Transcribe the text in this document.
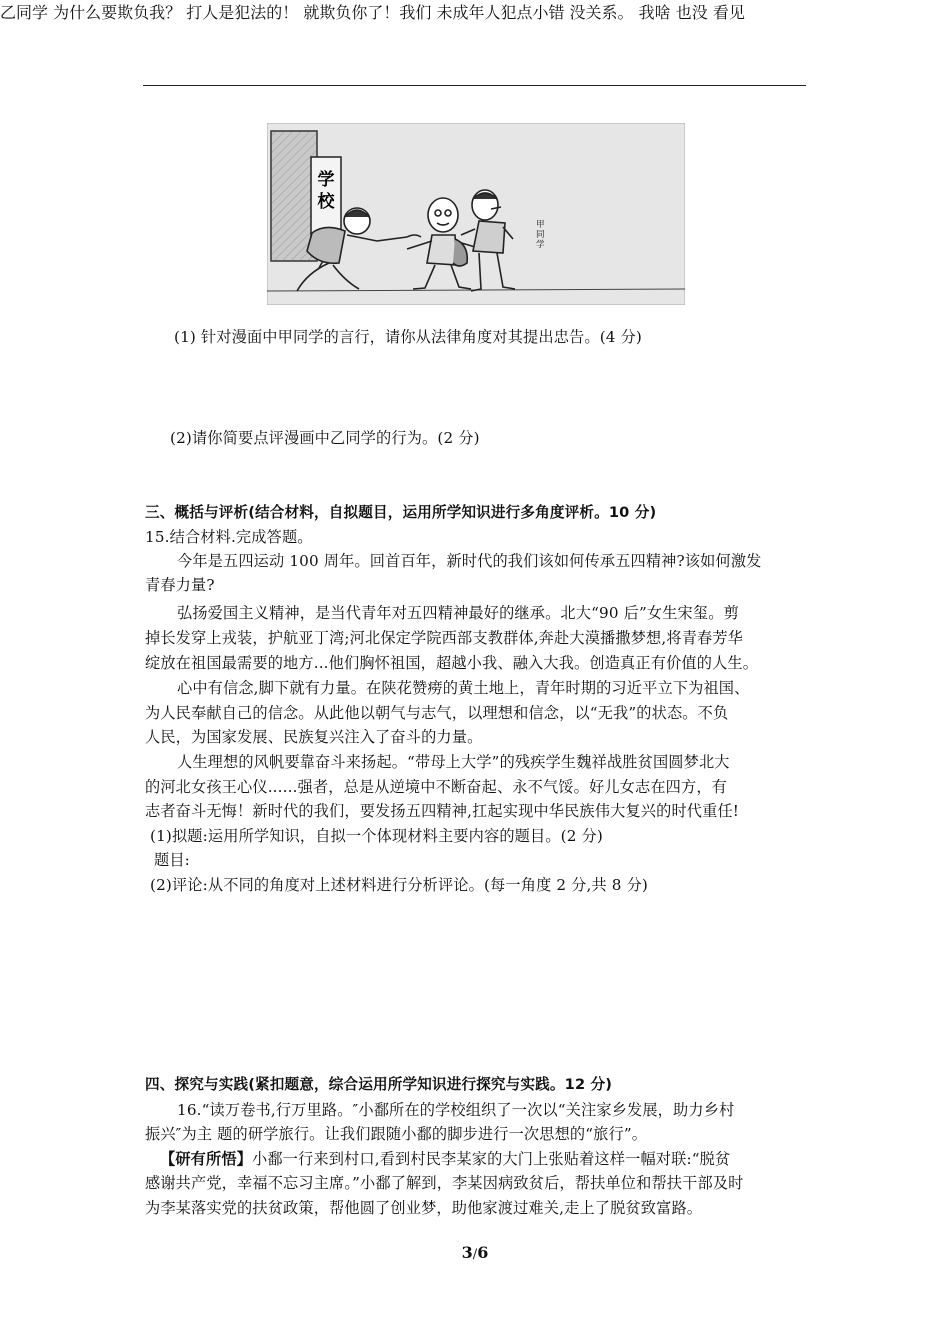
学
校
甲
同
学
乙同学 为什么要欺负我？ 打人是犯法的！ 就欺负你了！我们 未成年人犯点小错 没关系。 我啥 也没 看见
(1) 针对漫面中甲同学的言行，请你从法律角度对其提出忠告。(4 分)
(2)请你简要点评漫画中乙同学的行为。(2 分)
三、概括与评析(结合材料，自拟题目，运用所学知识进行多角度评析。10 分)
15.结合材料.完成答题。
今年是五四运动 100 周年。回首百年，新时代的我们该如何传承五四精神?该如何激发
青春力量?
弘扬爱国主义精神，是当代青年对五四精神最好的继承。北大“90 后”女生宋玺。剪
掉长发穿上戎装，护航亚丁湾;河北保定学院西部支教群体,奔赴大漠播撒梦想,将青春芳华
绽放在祖国最需要的地方...他们胸怀祖国，超越小我、融入大我。创造真正有价值的人生。
心中有信念,脚下就有力量。在陕花赞痨的黄土地上，青年时期的习近平立下为祖国、
为人民奉献自己的信念。从此他以朝气与志气，以理想和信念，以“无我”的状态。不负
人民，为国家发展、民族复兴注入了奋斗的力量。
人生理想的风帆要靠奋斗来扬起。“带母上大学”的残疾学生魏祥战胜贫国圆梦北大
的河北女孩王心仪......强者，总是从逆境中不断奋起、永不气馁。好儿女志在四方，有
志者奋斗无悔！新时代的我们，要发扬五四精神,扛起实现中华民族伟大复兴的时代重任!
(1)拟题:运用所学知识，自拟一个体现材料主要内容的题目。(2 分)
题目:
(2)评论:从不同的角度对上述材料进行分析评论。(每一角度 2 分,共 8 分)
四、探究与实践(紧扣题意，综合运用所学知识进行探究与实践。12 分)
16.“读万卷书,行万里路。″小鄱所在的学校组织了一次以“关注家乡发展，助力乡村
振兴″为主 题的研学旅行。让我们跟随小鄱的脚步进行一次思想的“旅行”。
【研有所悟】小鄱一行来到村口,看到村民李某家的大门上张贴着这样一幅对联:“脱贫
感谢共产党，幸福不忘习主席。”小鄱了解到，李某因病致贫后，帮扶单位和帮扶干部及时
为李某落实党的扶贫政策，帮他圆了创业梦，助他家渡过难关,走上了脱贫致富路。
3/6
